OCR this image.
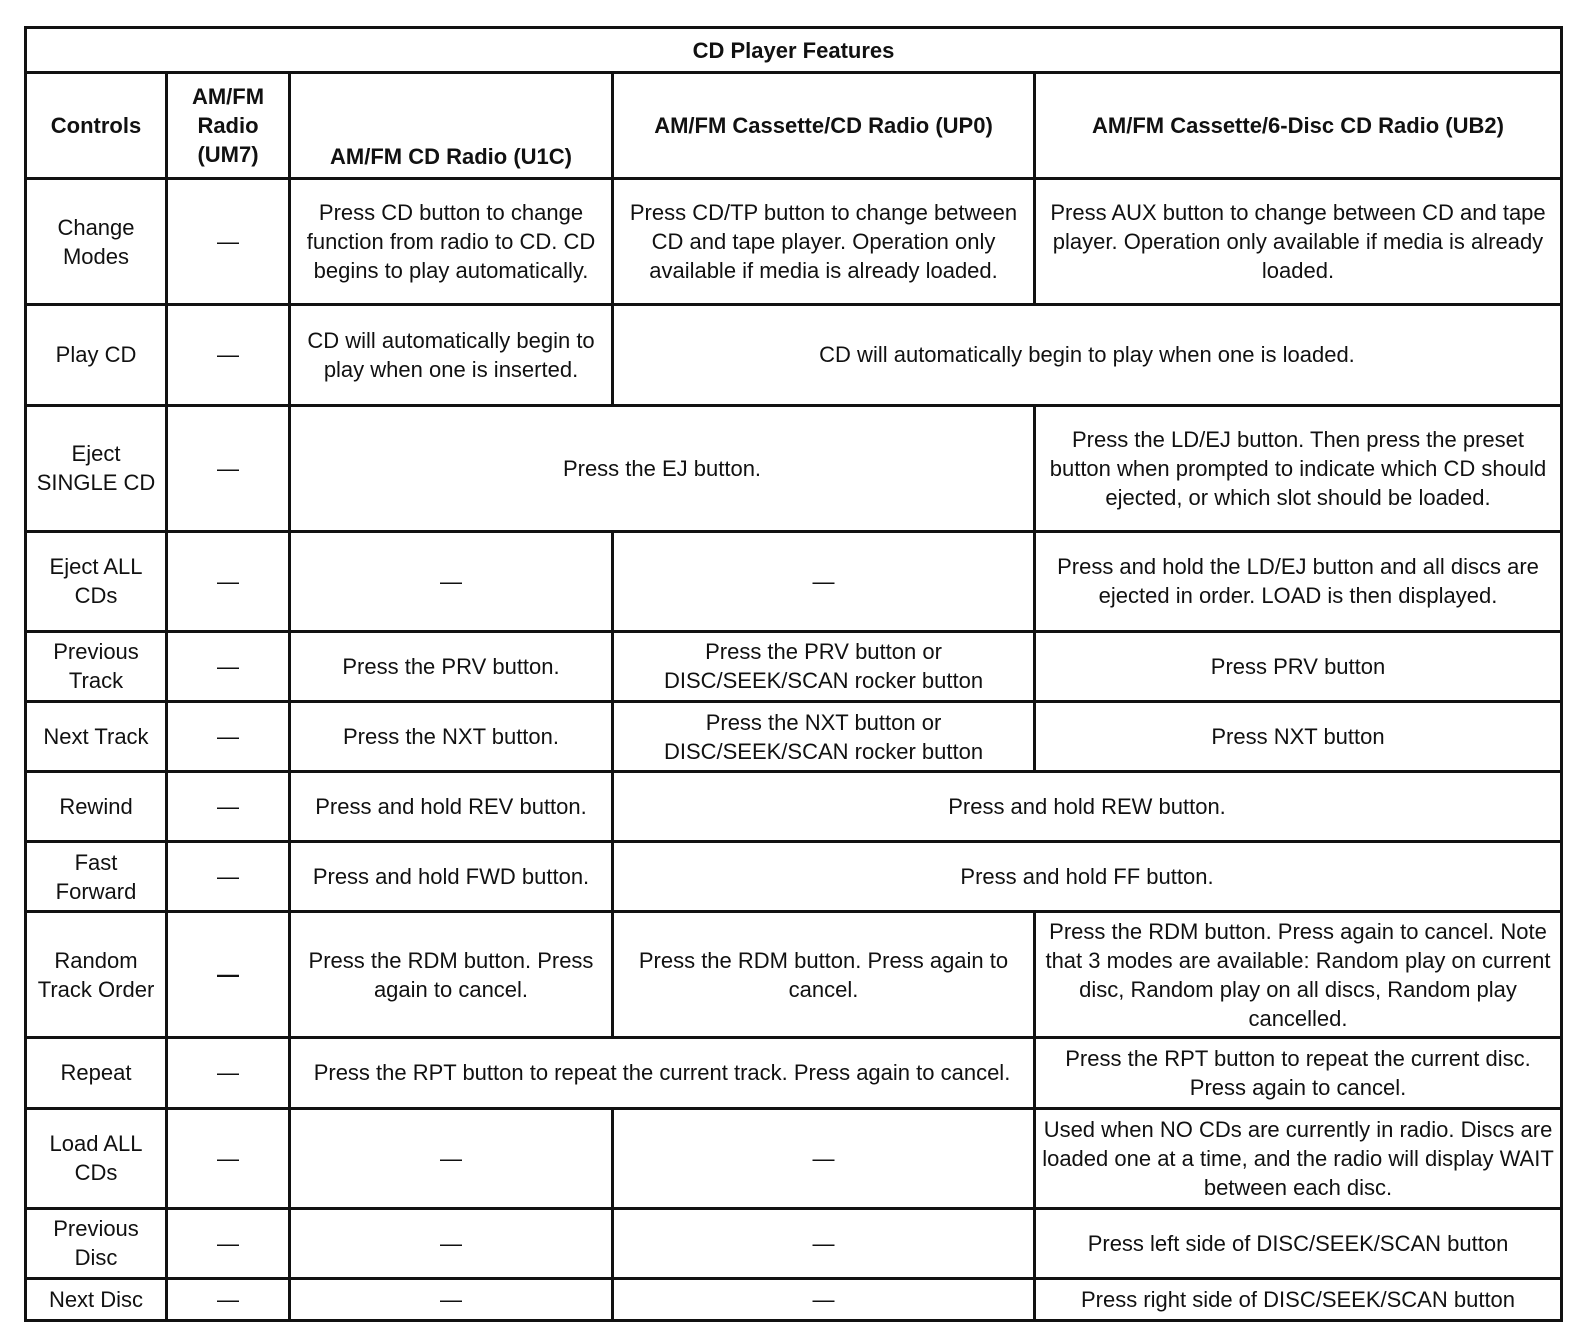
CD Player Features				
Controls	AM/FM Radio (UM7)	AM/FM CD Radio (U1C)	AM/FM Cassette/CD Radio (UP0)	AM/FM Cassette/6-Disc CD Radio (UB2)
Change Modes	—	Press CD button to change function from radio to CD. CD begins to play automatically.	Press CD/TP button to change between CD and tape player. Operation only available if media is already loaded.	Press AUX button to change between CD and tape player. Operation only available if media is already loaded.
Play CD	—	CD will automatically begin to play when one is inserted.	CD will automatically begin to play when one is loaded.	
Eject SINGLE CD	—	Press the EJ button.		Press the LD/EJ button. Then press the preset button when prompted to indicate which CD should ejected, or which slot should be loaded.
Eject ALL CDs	—	—	—	Press and hold the LD/EJ button and all discs are ejected in order. LOAD is then displayed.
Previous Track	—	Press the PRV button.	Press the PRV button or DISC/SEEK/SCAN rocker button	Press PRV button
Next Track	—	Press the NXT button.	Press the NXT button or DISC/SEEK/SCAN rocker button	Press NXT button
Rewind	—	Press and hold REV button.	Press and hold REW button.	
Fast Forward	—	Press and hold FWD button.	Press and hold FF button.	
Random Track Order	—	Press the RDM button. Press again to cancel.	Press the RDM button. Press again to cancel.	Press the RDM button. Press again to cancel. Note that 3 modes are available: Random play on current disc, Random play on all discs, Random play cancelled.
Repeat	—	Press the RPT button to repeat the current track. Press again to cancel.		Press the RPT button to repeat the current disc. Press again to cancel.
Load ALL CDs	—	—	—	Used when NO CDs are currently in radio. Discs are loaded one at a time, and the radio will display WAIT between each disc.
Previous Disc	—	—	—	Press left side of DISC/SEEK/SCAN button
Next Disc	—	—	—	Press right side of DISC/SEEK/SCAN button
